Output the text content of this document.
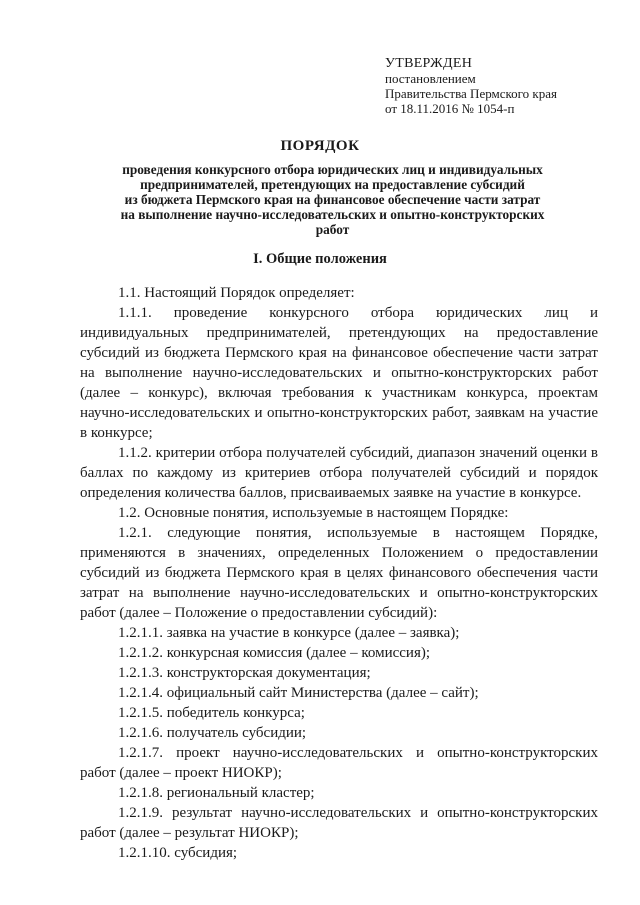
УТВЕРЖДЕН
постановлением
Правительства Пермского края
от 18.11.2016 № 1054-п
ПОРЯДОК
проведения конкурсного отбора юридических лиц и индивидуальных
предпринимателей, претендующих на предоставление субсидий
из бюджета Пермского края на финансовое обеспечение части затрат
на выполнение научно-исследовательских и опытно-конструкторских
работ
I. Общие положения
1.1. Настоящий Порядок определяет:
1.1.1. проведение конкурсного отбора юридических лиц и индивидуальных предпринимателей, претендующих на предоставление субсидий из бюджета Пермского края на финансовое обеспечение части затрат на выполнение научно-исследовательских и опытно-конструкторских работ (далее – конкурс), включая требования к участникам конкурса, проектам научно-исследовательских и опытно-конструкторских работ, заявкам на участие в конкурсе;
1.1.2. критерии отбора получателей субсидий, диапазон значений оценки в баллах по каждому из критериев отбора получателей субсидий и порядок определения количества баллов, присваиваемых заявке на участие в конкурсе.
1.2. Основные понятия, используемые в настоящем Порядке:
1.2.1. следующие понятия, используемые в настоящем Порядке, применяются в значениях, определенных Положением о предоставлении субсидий из бюджета Пермского края в целях финансового обеспечения части затрат на выполнение научно-исследовательских и опытно-конструкторских работ (далее – Положение о предоставлении субсидий):
1.2.1.1. заявка на участие в конкурсе (далее – заявка);
1.2.1.2. конкурсная комиссия (далее – комиссия);
1.2.1.3. конструкторская документация;
1.2.1.4. официальный сайт Министерства (далее – сайт);
1.2.1.5. победитель конкурса;
1.2.1.6. получатель субсидии;
1.2.1.7. проект научно-исследовательских и опытно-конструкторских работ (далее – проект НИОКР);
1.2.1.8. региональный кластер;
1.2.1.9. результат научно-исследовательских и опытно-конструкторских работ (далее – результат НИОКР);
1.2.1.10. субсидия;
